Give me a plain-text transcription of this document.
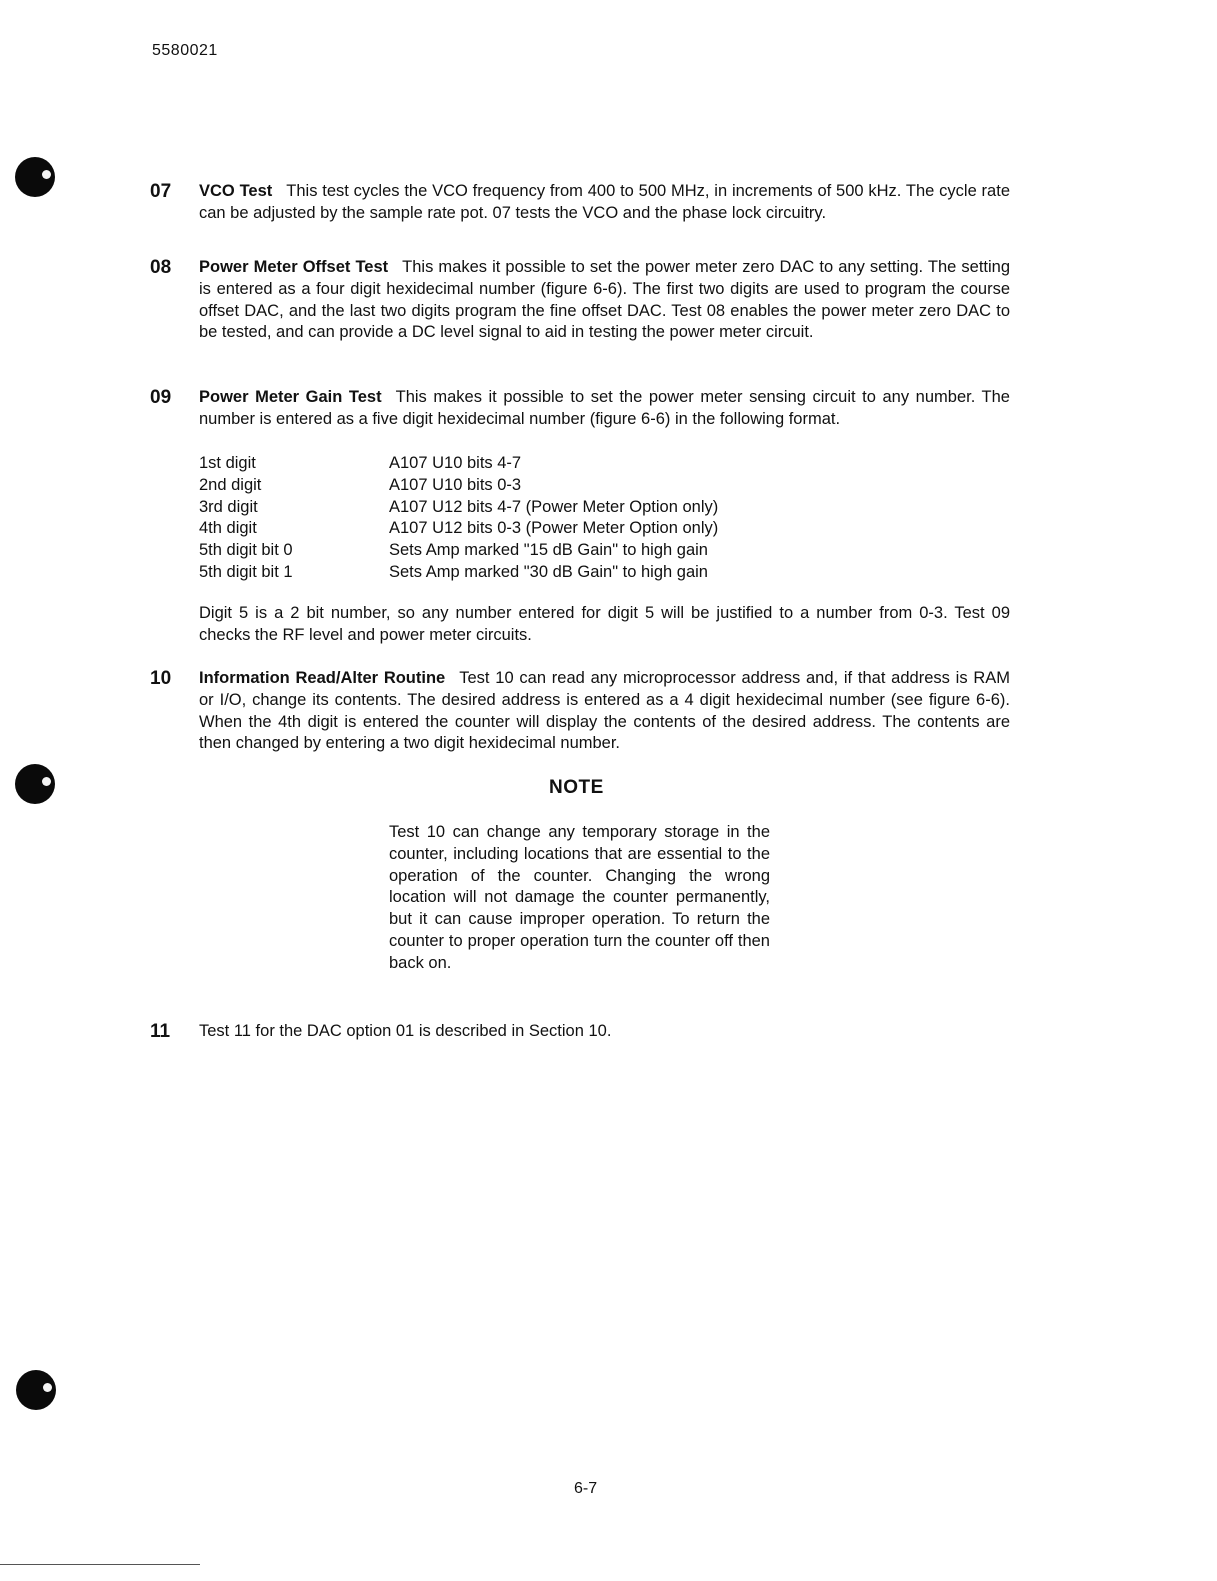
5580021
07 VCO Test This test cycles the VCO frequency from 400 to 500 MHz, in increments of 500 kHz. The cycle rate can be adjusted by the sample rate pot. 07 tests the VCO and the phase lock circuitry.
08 Power Meter Offset Test This makes it possible to set the power meter zero DAC to any setting. The setting is entered as a four digit hexidecimal number (figure 6-6). The first two digits are used to program the course offset DAC, and the last two digits program the fine offset DAC. Test 08 enables the power meter zero DAC to be tested, and can provide a DC level signal to aid in testing the power meter circuit.
09 Power Meter Gain Test This makes it possible to set the power meter sensing circuit to any number. The number is entered as a five digit hexidecimal number (figure 6-6) in the following format.
1st digit	A107 U10 bits 4-7
2nd digit	A107 U10 bits 0-3
3rd digit	A107 U12 bits 4-7 (Power Meter Option only)
4th digit	A107 U12 bits 0-3 (Power Meter Option only)
5th digit bit 0	Sets Amp marked "15 dB Gain" to high gain
5th digit bit 1	Sets Amp marked "30 dB Gain" to high gain
Digit 5 is a 2 bit number, so any number entered for digit 5 will be justified to a number from 0-3. Test 09 checks the RF level and power meter circuits.
10 Information Read/Alter Routine Test 10 can read any microprocessor address and, if that address is RAM or I/O, change its contents. The desired address is entered as a 4 digit hexidecimal number (see figure 6-6). When the 4th digit is entered the counter will display the contents of the desired address. The contents are then changed by entering a two digit hexidecimal number.
NOTE
Test 10 can change any temporary storage in the counter, including locations that are essential to the operation of the counter. Changing the wrong location will not damage the counter permanently, but it can cause improper operation. To return the counter to proper operation turn the counter off then back on.
11 Test 11 for the DAC option 01 is described in Section 10.
6-7
